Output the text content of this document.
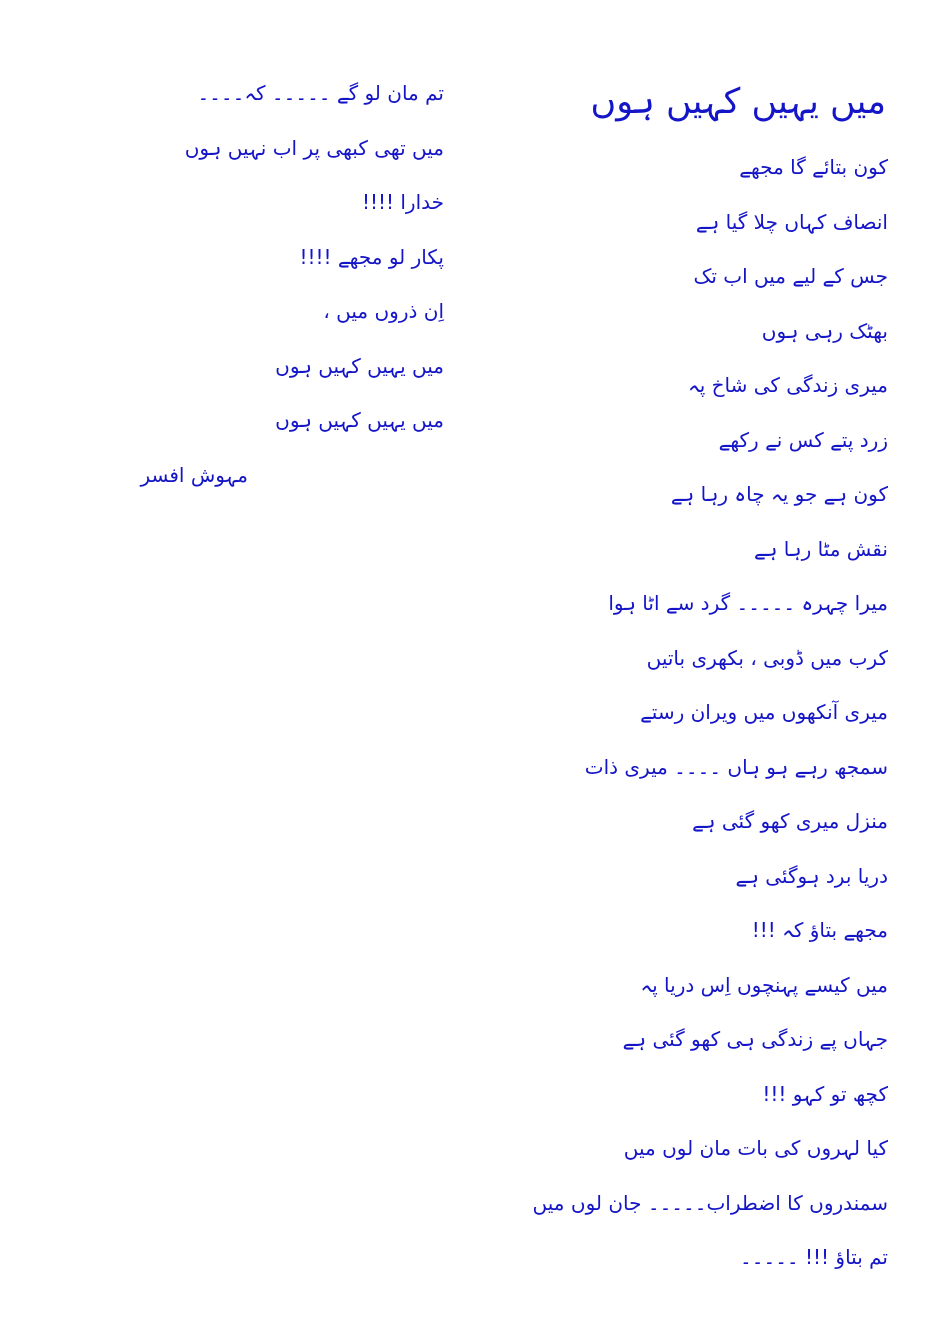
میں یہیں کہیں ہوں

کون بتائے گا مجھے

انصاف کہاں چلا گیا ہے

جس کے لیے میں اب تک

بھٹک رہی ہوں

میری زندگی کی شاخ پہ

زرد پتے کس نے رکھے

کون ہے جو یہ چاہ رہا ہے

نقش مٹا رہا ہے

میرا چہرہ ۔۔۔۔۔ گرد سے اٹا ہوا

کرب میں ڈوبی ، بکھری باتیں

میری آنکھوں میں ویران رستے

سمجھ رہے ہو ہاں ۔۔۔۔ میری ذات

منزل میری کھو گئی ہے

دریا برد ہوگئی ہے

مجھے بتاؤ کہ !!!

میں کیسے پہنچوں اِس دریا پہ

جہاں پے زندگی ہی کھو گئی ہے

کچھ تو کہو !!!

کیا لہروں کی بات مان لوں میں

سمندروں کا اضطراب۔۔۔۔۔ جان لوں میں

تم بتاؤ !!! ۔۔۔۔۔

تم مان لو گے ۔۔۔۔۔ کہ۔۔۔۔

میں تھی کبھی پر اب نہیں ہوں

خدارا !!!!

پکار لو مجھے !!!!

اِن ذروں میں ،

میں یہیں کہیں ہوں

میں یہیں کہیں ہوں

مہوش افسر
